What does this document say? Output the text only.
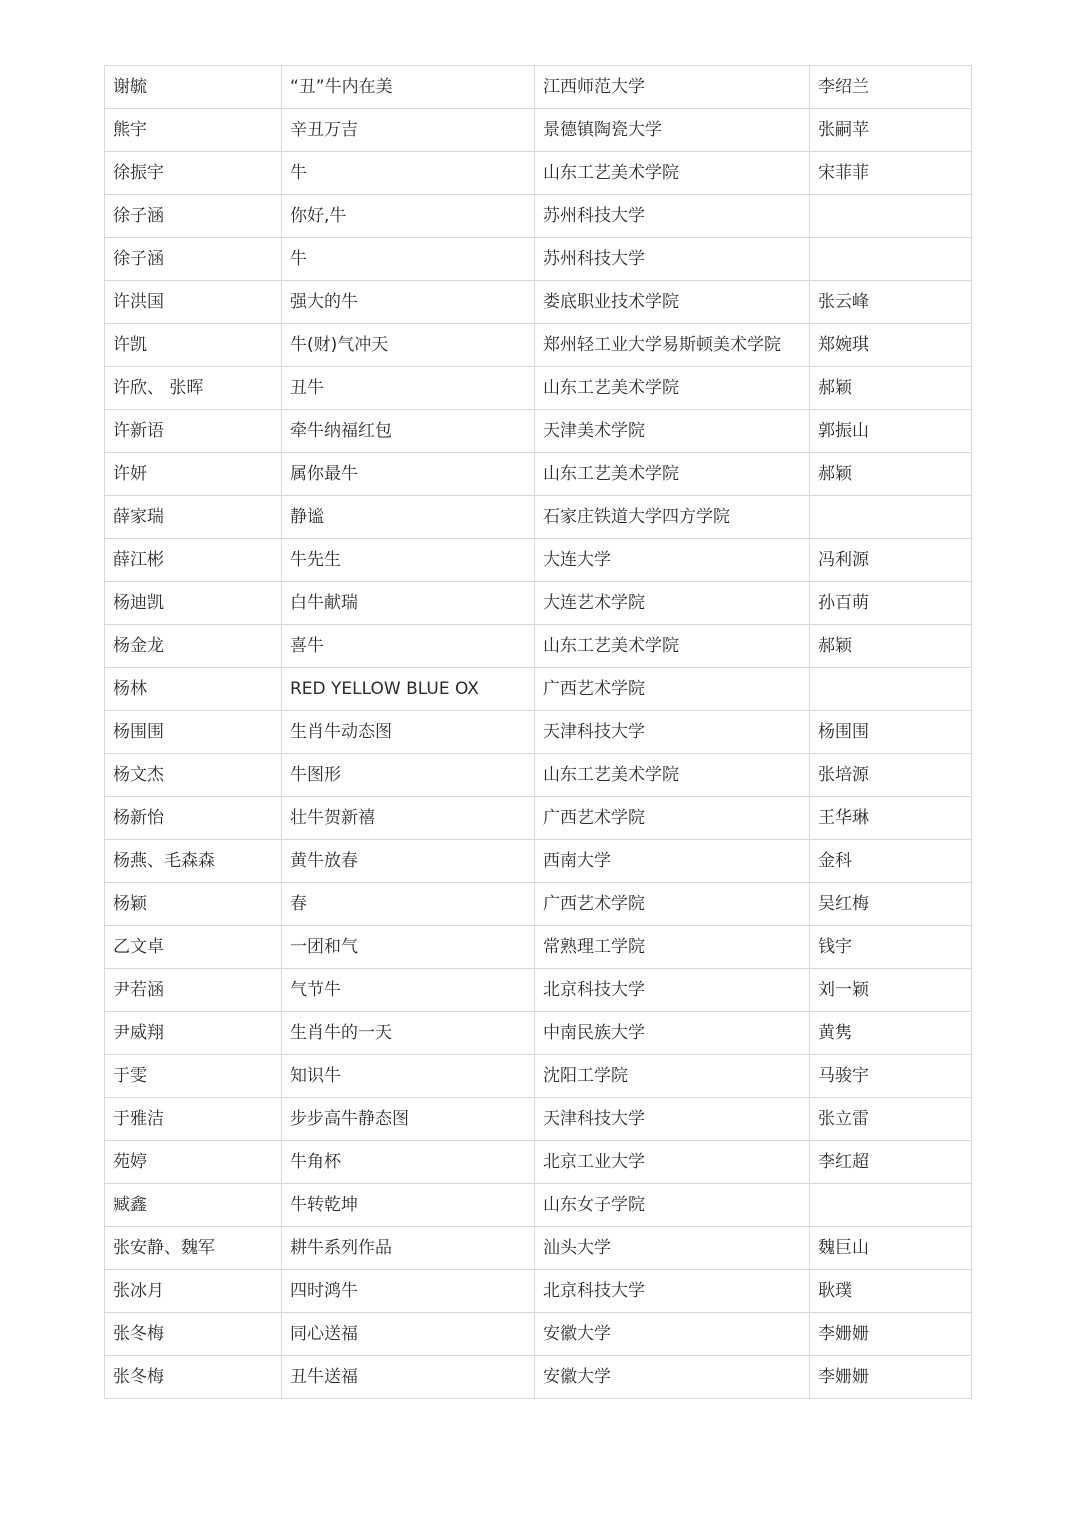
谢毓	“丑”牛内在美	江西师范大学	李绍兰
熊宇	辛丑万吉	景德镇陶瓷大学	张嗣苹
徐振宇	牛	山东工艺美术学院	宋菲菲
徐子涵	你好,牛	苏州科技大学	
徐子涵	牛	苏州科技大学	
许洪国	强大的牛	娄底职业技术学院	张云峰
许凯	牛(财)气冲天	郑州轻工业大学易斯顿美术学院	郑婉琪
许欣、 张晖	丑牛	山东工艺美术学院	郝颖
许新语	牵牛纳福红包	天津美术学院	郭振山
许妍	属你最牛	山东工艺美术学院	郝颖
薛家瑞	静谧	石家庄铁道大学四方学院	
薛江彬	牛先生	大连大学	冯利源
杨迪凯	白牛献瑞	大连艺术学院	孙百萌
杨金龙	喜牛	山东工艺美术学院	郝颖
杨林	RED YELLOW BLUE OX	广西艺术学院	
杨围围	生肖牛动态图	天津科技大学	杨围围
杨文杰	牛图形	山东工艺美术学院	张培源
杨新怡	壮牛贺新禧	广西艺术学院	王华琳
杨燕、毛森森	黄牛放春	西南大学	金科
杨颖	春	广西艺术学院	吴红梅
乙文卓	一团和气	常熟理工学院	钱宇
尹若涵	气节牛	北京科技大学	刘一颖
尹威翔	生肖牛的一天	中南民族大学	黄隽
于雯	知识牛	沈阳工学院	马骏宇
于雅洁	步步高牛静态图	天津科技大学	张立雷
苑婷	牛角杯	北京工业大学	李红超
臧鑫	牛转乾坤	山东女子学院	
张安静、魏军	耕牛系列作品	汕头大学	魏巨山
张冰月	四时鸿牛	北京科技大学	耿璞
张冬梅	同心送福	安徽大学	李姗姗
张冬梅	丑牛送福	安徽大学	李姗姗
